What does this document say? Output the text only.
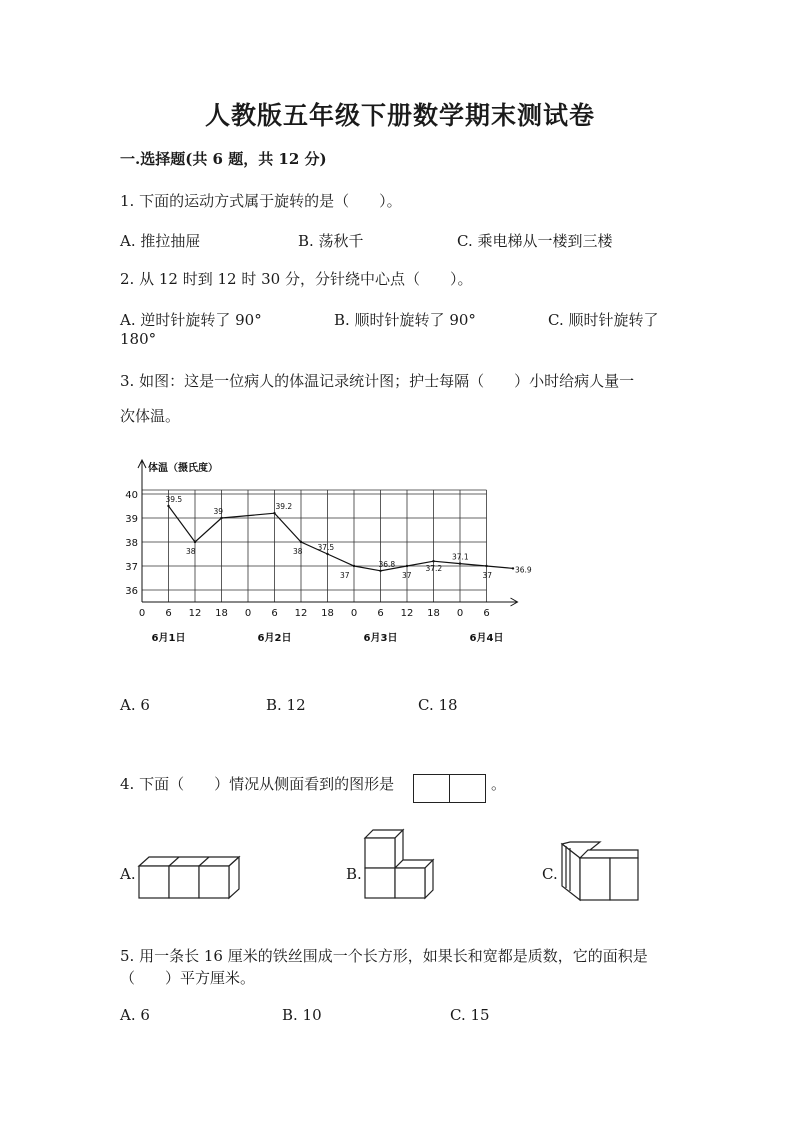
人教版五年级下册数学期末测试卷
一.选择题(共 6 题，共 12 分)
1. 下面的运动方式属于旋转的是（　　）。
A. 推拉抽屉	B. 荡秋千	C. 乘电梯从一楼到三楼
2. 从 12 时到 12 时 30 分，分针绕中心点（　　）。
A. 逆时针旋转了 90°	B. 顺时针旋转了 90°	C. 顺时针旋转了
180°
3. 如图：这是一位病人的体温记录统计图；护士每隔（　　）小时给病人量一
次体温。
体温（摄氏度）
36
37
38
39
40
0 6 12 18 0 6 12 18 0 6 12 18 0 6
6月1日	6月2日	6月3日	6月4日
39.5
38
39
39.2
38 37.5
37
36.8
37
37.2
37.1
37
36.9
A. 6	B. 12	C. 18
4. 下面（　　）情况从侧面看到的图形是	。
A.	B.	C.
5. 用一条长 16 厘米的铁丝围成一个长方形，如果长和宽都是质数，它的面积是
（　　）平方厘米。
A. 6	B. 10	C. 15
